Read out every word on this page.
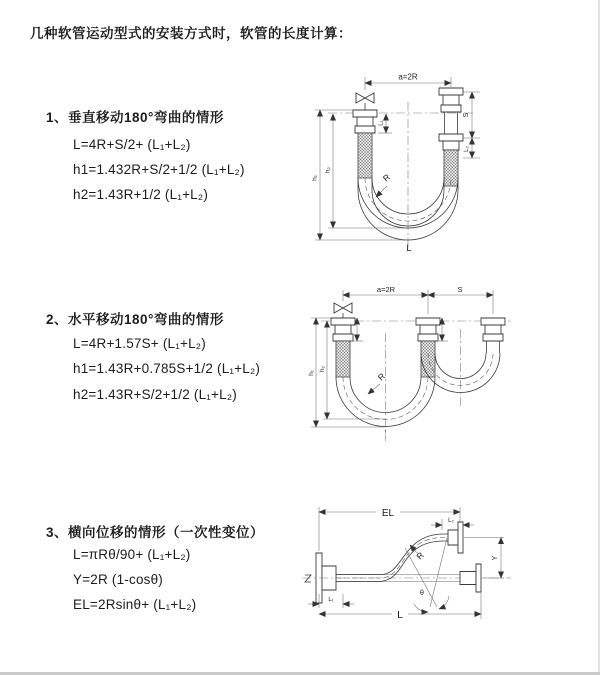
几种软管运动型式的安装方式时，软管的长度计算：
1、垂直移动180°弯曲的情形
L=4R+S/2+ (L₁+L₂)
h1=1.432R+S/2+1/2 (L₁+L₂)
h2=1.43R+1/2 (L₁+L₂)
2、水平移动180°弯曲的情形
L=4R+1.57S+ (L₁+L₂)
h1=1.43R+0.785S+1/2 (L₁+L₂)
h2=1.43R+S/2+1/2 (L₁+L₂)
3、横向位移的情形（一次性变位）
L=πRθ/90+ (L₁+L₂)
Y=2R (1-cosθ)
EL=2Rsinθ+ (L₁+L₂)
a=2R
h₁
h₂
L₁
S
L₂
R
L
a=2R	S
h₁
h₂
R
EL
L₂
L₁
Y
R
θ
L
